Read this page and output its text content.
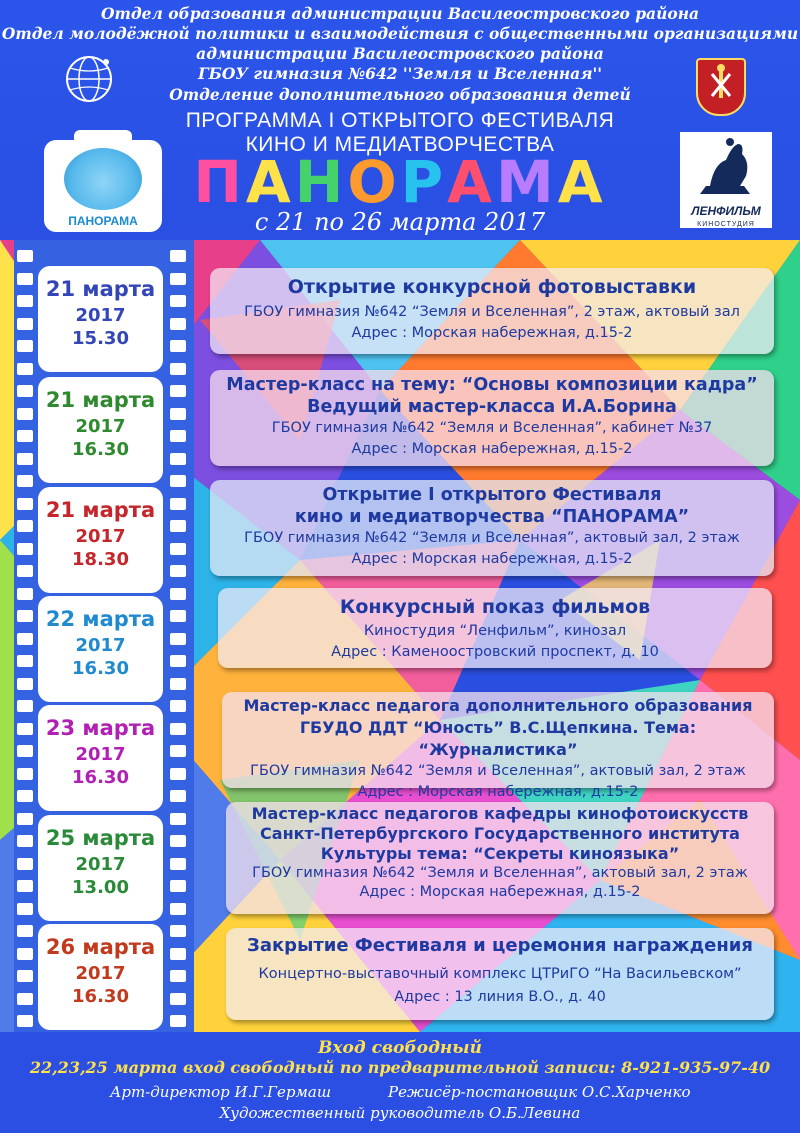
Отдел образования администрации Василеостровского района
Отдел молодёжной политики и взаимодействия с общественными организациями
администрации Василеостровского района
ГБОУ гимназия №642 ''Земля и Вселенная''
Отделение дополнительного образования детей
ПРОГРАММА I ОТКРЫТОГО ФЕСТИВАЛЯ
КИНО И МЕДИАТВОРЧЕСТВА
ПАНОРАМА
ЛЕНФИЛЬМ
КИНОСТУДИЯ
ПАНОРАМА
с 21 по 26 марта 2017
21 марта
2017
15.30
21 марта
2017
16.30
21 марта
2017
18.30
22 марта
2017
16.30
23 марта
2017
16.30
25 марта
2017
13.00
26 марта
2017
16.30
Открытие конкурсной фотовыставки
ГБОУ гимназия №642 “Земля и Вселенная”, 2 этаж, актовый зал
Адрес : Морская набережная, д.15-2
Мастер-класс на тему: “Основы композиции кадра”
Ведущий мастер-класса И.А.Борина
ГБОУ гимназия №642 “Земля и Вселенная”, кабинет №37
Адрес : Морская набережная, д.15-2
Открытие I открытого Фестиваля
кино и медиатворчества “ПАНОРАМА”
ГБОУ гимназия №642 “Земля и Вселенная”, актовый зал, 2 этаж
Адрес : Морская набережная, д.15-2
Конкурсный показ фильмов
Киностудия “Ленфильм”, кинозал
Адрес : Каменоостровский проспект, д. 10
Мастер-класс педагога дополнительного образования
ГБУДО ДДТ “Юность” В.С.Щепкина. Тема: “Журналистика”
ГБОУ гимназия №642 “Земля и Вселенная”, актовый зал, 2 этаж
Адрес : Морская набережная, д.15-2
Мастер-класс педагогов кафедры кинофотоискусств
Санкт-Петербургского Государственного института
Культуры тема: “Секреты киноязыка”
ГБОУ гимназия №642 “Земля и Вселенная”, актовый зал, 2 этаж
Адрес : Морская набережная, д.15-2
Закрытие Фестиваля и церемония награждения
Концертно-выставочный комплекс ЦТРиГО “На Васильевском”
Адрес : 13 линия В.О., д. 40
Вход свободный
22,23,25 марта вход свободный по предварительной записи: 8-921-935-97-40
Арт-директор И.Г.Гермаш	Режисёр-постановщик О.С.Харченко
Художественный руководитель О.Б.Левина
